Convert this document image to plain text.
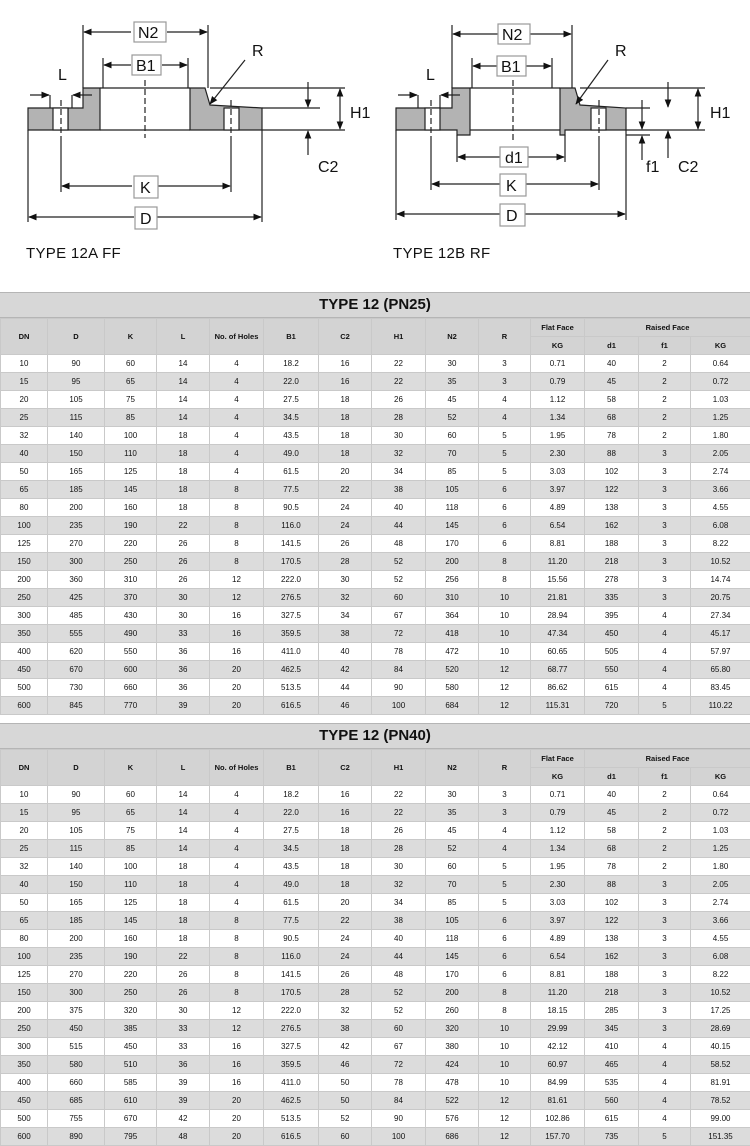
N2
B1
R
L
H1
C2
K
D
N2
B1
R
L
H1
C2
f1
d1
K
D
TYPE 12A FF	TYPE 12B RF
TYPE 12 (PN25)
DN	D	K	L	No. of Holes	B1	C2	H1	N2	R	Flat Face	Raised Face		
										KG	d1	f1	KG
10	90	60	14	4	18.2	16	22	30	3	0.71	40	2	0.64
15	95	65	14	4	22.0	16	22	35	3	0.79	45	2	0.72
20	105	75	14	4	27.5	18	26	45	4	1.12	58	2	1.03
25	115	85	14	4	34.5	18	28	52	4	1.34	68	2	1.25
32	140	100	18	4	43.5	18	30	60	5	1.95	78	2	1.80
40	150	110	18	4	49.0	18	32	70	5	2.30	88	3	2.05
50	165	125	18	4	61.5	20	34	85	5	3.03	102	3	2.74
65	185	145	18	8	77.5	22	38	105	6	3.97	122	3	3.66
80	200	160	18	8	90.5	24	40	118	6	4.89	138	3	4.55
100	235	190	22	8	116.0	24	44	145	6	6.54	162	3	6.08
125	270	220	26	8	141.5	26	48	170	6	8.81	188	3	8.22
150	300	250	26	8	170.5	28	52	200	8	11.20	218	3	10.52
200	360	310	26	12	222.0	30	52	256	8	15.56	278	3	14.74
250	425	370	30	12	276.5	32	60	310	10	21.81	335	3	20.75
300	485	430	30	16	327.5	34	67	364	10	28.94	395	4	27.34
350	555	490	33	16	359.5	38	72	418	10	47.34	450	4	45.17
400	620	550	36	16	411.0	40	78	472	10	60.65	505	4	57.97
450	670	600	36	20	462.5	42	84	520	12	68.77	550	4	65.80
500	730	660	36	20	513.5	44	90	580	12	86.62	615	4	83.45
600	845	770	39	20	616.5	46	100	684	12	115.31	720	5	110.22
TYPE 12 (PN40)
DN	D	K	L	No. of Holes	B1	C2	H1	N2	R	Flat Face	Raised Face		
										KG	d1	f1	KG
10	90	60	14	4	18.2	16	22	30	3	0.71	40	2	0.64
15	95	65	14	4	22.0	16	22	35	3	0.79	45	2	0.72
20	105	75	14	4	27.5	18	26	45	4	1.12	58	2	1.03
25	115	85	14	4	34.5	18	28	52	4	1.34	68	2	1.25
32	140	100	18	4	43.5	18	30	60	5	1.95	78	2	1.80
40	150	110	18	4	49.0	18	32	70	5	2.30	88	3	2.05
50	165	125	18	4	61.5	20	34	85	5	3.03	102	3	2.74
65	185	145	18	8	77.5	22	38	105	6	3.97	122	3	3.66
80	200	160	18	8	90.5	24	40	118	6	4.89	138	3	4.55
100	235	190	22	8	116.0	24	44	145	6	6.54	162	3	6.08
125	270	220	26	8	141.5	26	48	170	6	8.81	188	3	8.22
150	300	250	26	8	170.5	28	52	200	8	11.20	218	3	10.52
200	375	320	30	12	222.0	32	52	260	8	18.15	285	3	17.25
250	450	385	33	12	276.5	38	60	320	10	29.99	345	3	28.69
300	515	450	33	16	327.5	42	67	380	10	42.12	410	4	40.15
350	580	510	36	16	359.5	46	72	424	10	60.97	465	4	58.52
400	660	585	39	16	411.0	50	78	478	10	84.99	535	4	81.91
450	685	610	39	20	462.5	50	84	522	12	81.61	560	4	78.52
500	755	670	42	20	513.5	52	90	576	12	102.86	615	4	99.00
600	890	795	48	20	616.5	60	100	686	12	157.70	735	5	151.35
